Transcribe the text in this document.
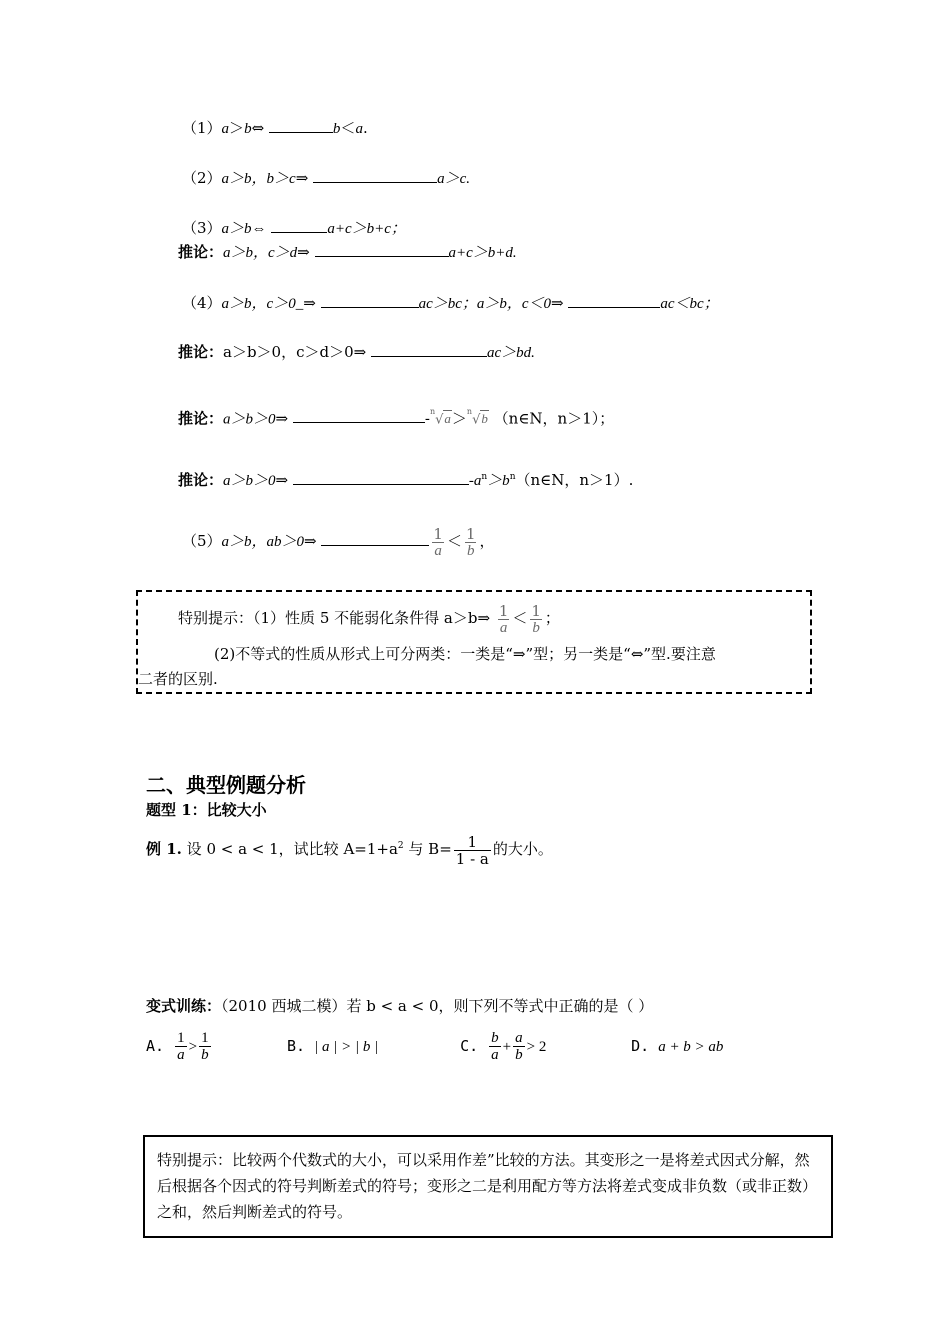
（1）a＞b⇔	b＜a.
（2）a＞b，b＞c⇒	a＞c.
（3）a＞b⇔	a+c＞b+c；
推论：a＞b，c＞d⇒	a+c＞b+d.
（4）a＞b，c＞0_⇒	ac＞bc；a＞b，c＜0⇒	ac＜bc；
推论：a＞b＞0，c＞d＞0⇒	ac＞bd.
推论：a＞b＞0⇒	-$^n$√a＞$^n$√b （n∈N，n＞1）；
推论：a＞b＞0⇒	$-a^n>b^n(n\in N$，n＞1）.
（5）a＞b，ab＞0⇒	$\frac{1}{a} < \frac{1}{b}$ ，
特别提示：（1）性质 5 不能弱化条件得 a＞b⇒ $\frac{1}{a} < \frac{1}{b}$ ；
(2)不等式的性质从形式上可分两类：一类是“⇒”型；另一类是“⇔”型.要注意
二者的区别.
二、典型例题分析
题型 1：比较大小
例 1. 设 0 < a < 1，试比较 $A=1+a^2$ 与 $B= \frac{1}{1 - a}$ 的大小。
变式训练：（2010 西城二模）若 b < a < 0，则下列不等式中正确的是（ ）
A. $\frac{1}{a} > \frac{1}{b}$	B. | a | > | b |	C. $\frac{b}{a} + \frac{a}{b} > 2$	D. a + b > ab
特别提示：比较两个代数式的大小，可以采用作差”比较的方法。其变形之一是将差式因式分解，然后根据各个因式的符号判断差式的符号；变形之二是利用配方等方法将差式变成非负数（或非正数）之和，然后判断差式的符号。
